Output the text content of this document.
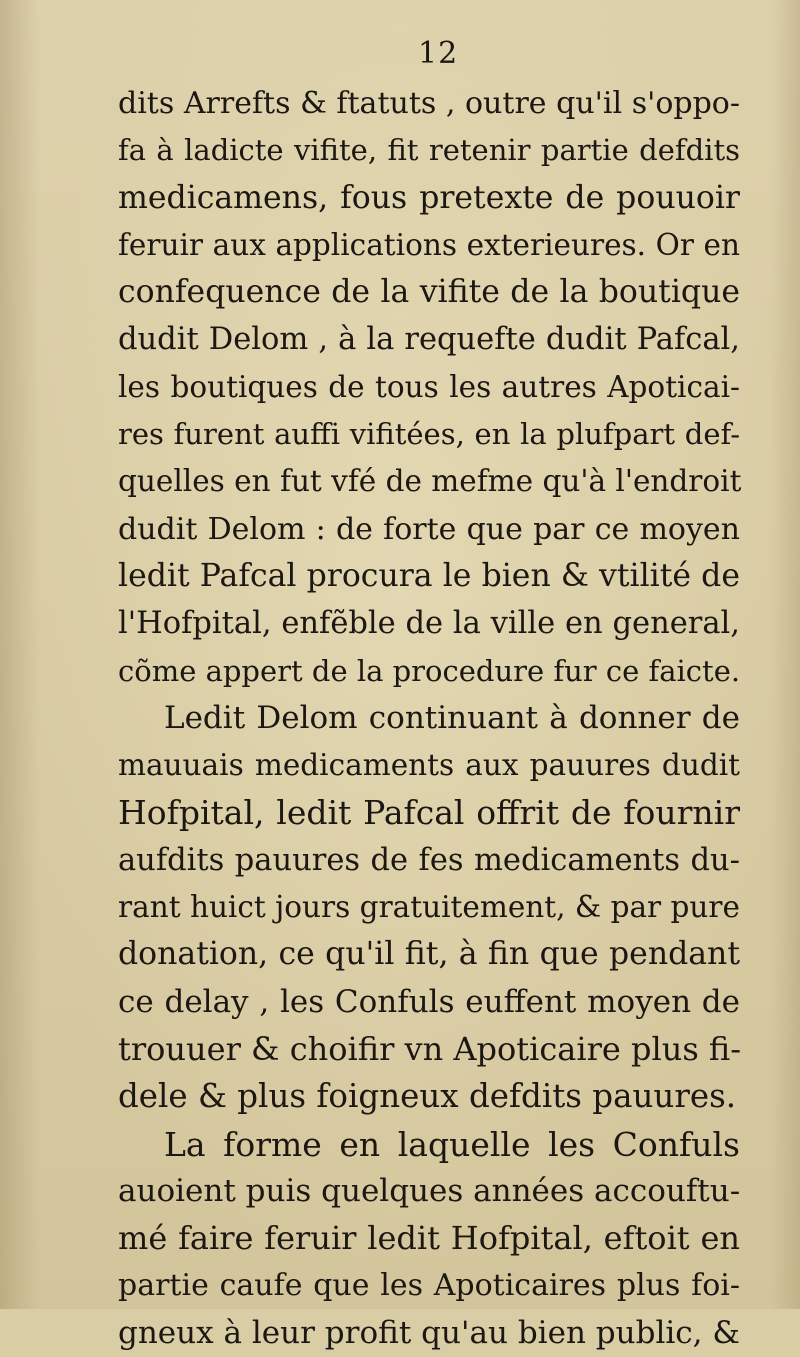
12
dits Arrefts & ftatuts , outre qu'il s'oppo-
fa à ladicte vifite, fit retenir partie defdits
medicamens, fous pretexte de pouuoir
feruir aux applications exterieures. Or en
confequence de la vifite de la boutique
dudit Delom , à la requefte dudit Pafcal,
les boutiques de tous les autres Apoticai-
res furent auffi vifitées, en la plufpart def-
quelles en fut vfé de mefme qu'à l'endroit
dudit Delom : de forte que par ce moyen
ledit Pafcal procura le bien & vtilité de
l'Hofpital, enfẽble de la ville en general,
cõme appert de la procedure fur ce faicte.
Ledit Delom continuant à donner de
mauuais medicaments aux pauures dudit
Hofpital, ledit Pafcal offrit de fournir
aufdits pauures de fes medicaments du-
rant huict jours gratuitement, & par pure
donation, ce qu'il fit, à fin que pendant
ce delay , les Confuls euffent moyen de
trouuer & choifir vn Apoticaire plus fi-
dele & plus foigneux defdits pauures.
La forme en laquelle les Confuls
auoient puis quelques années accouftu-
mé faire feruir ledit Hofpital, eftoit en
partie caufe que les Apoticaires plus foi-
gneux à leur profit qu'au bien public, &
